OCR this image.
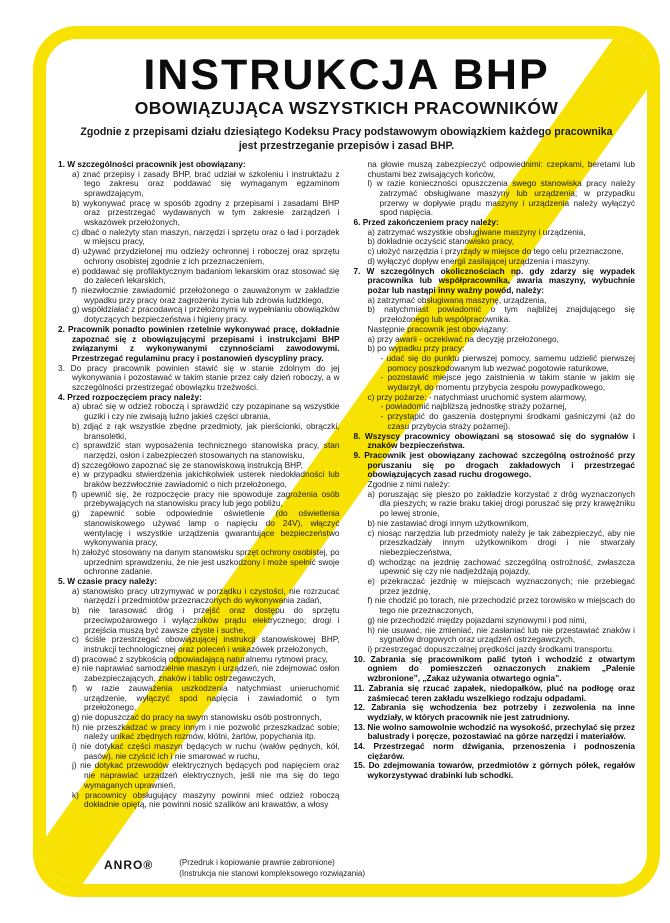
INSTRUKCJA BHP
OBOWIĄZUJĄCA WSZYSTKICH PRACOWNIKÓW

Zgodnie z przepisami działu dziesiątego Kodeksu Pracy podstawowym obowiązkiem każdego pracownika jest przestrzeganie przepisów i zasad BHP.

1. W szczególności pracownik jest obowiązany:

a) znać przepisy i zasady BHP, brać udział w szkoleniu i instruktażu z tego zakresu oraz poddawać się wymaganym egzaminom sprawdzającym,

b) wykonywać pracę w sposób zgodny z przepisami i zasadami BHP oraz przestrzegać wydawanych w tym zakresie zarządzeń i wskazówek przełożonych,

c) dbać o należyty stan maszyn, narzędzi i sprzętu oraz o ład i porządek w miejscu pracy,

d) używać przydzielonej mu odzieży ochronnej i roboczej oraz sprzętu ochrony osobistej zgodnie z ich przeznaczeniem,

e) poddawać się profilaktycznym badaniom lekarskim oraz stosować się do zaleceń lekarskich,

f) niezwłocznie zawiadomić przełożonego o zauważonym w zakładzie wypadku przy pracy oraz zagrożeniu życia lub zdrowia ludzkiego,

g) współdziałać z pracodawcą i przełożonymi w wypełnianiu obowiązków dotyczących bezpieczeństwa i higieny pracy.

2. Pracownik ponadto powinien rzetelnie wykonywać pracę, dokładnie zapoznać się z obowiązującymi przepisami i instrukcjami BHP związanymi z wykonywanymi czynnościami zawodowymi. Przestrzegać regulaminu pracy i postanowień dyscypliny pracy.

3. Do pracy pracownik powinien stawić się w stanie zdolnym do jej wykonywania i pozostawać w takim stanie przez cały dzień roboczy, a w szczególności przestrzegać obowiązku trzeźwości.

4. Przed rozpoczęciem pracy należy:

a) ubrać się w odzież roboczą i sprawdzić czy pozapinane są wszystkie guziki i czy nie zwisają luźno jakieś części ubrania,

b) zdjąć z rąk wszystkie zbędne przedmioty, jak pierścionki, obrączki, bransoletki,

c) sprawdzić stan wyposażenia technicznego stanowiska pracy, stan narzędzi, osłon i zabezpieczeń stosowanych na stanowisku,

d) szczegółowo zapoznać się ze stanowiskową instrukcją BHP,

e) w przypadku stwierdzenia jakichkolwiek usterek niedokładności lub braków bezzwłocznie zawiadomić o nich przełożonego,

f) upewnić się, że rozpoczęcie pracy nie spowoduje zagrożenia osób przebywających na stanowisku pracy lub jego pobliżu,

g) zapewnić sobie odpowiednie oświetlenie (do oświetlenia stanowiskowego używać lamp o napięciu do 24V), włączyć wentylację i wszystkie urządzenia gwarantujące bezpieczeństwo wykonywania pracy,

h) założyć stosowany na danym stanowisku sprzęt ochrony osobistej, po uprzednim sprawdzeniu, że nie jest uszkodzony i może spełnić swoje ochronne zadanie.

5. W czasie pracy należy:

a) stanowisko pracy utrzymywać w porządku i czystości, nie rozrzucać narzędzi i przedmiotów przeznaczonych do wykonywania zadań,

b) nie tarasować dróg i przejść oraz dostępu do sprzętu przeciwpożarowego i wyłączników prądu elektrycznego; drogi i przejścia muszą być zawsze czyste i suche,

c) ściśle przestrzegać obowiązującej instrukcji stanowiskowej BHP, instrukcji technologicznej oraz poleceń i wskazówek przełożonych,

d) pracować z szybkością odpowiadającą naturalnemu rytmowi pracy,

e) nie naprawiać samodzielnie maszyn i urządzeń, nie zdejmować osłon zabezpieczających, znaków i tablic ostrzegawczych,

f) w razie zauważenia uszkodzenia natychmiast unieruchomić urządzenie, wyłączyć spod napięcia i zawiadomić o tym przełożonego,

g) nie dopuszczać do pracy na swym stanowisku osób postronnych,

h) nie przeszkadzać w pracy innym i nie pozwolić przeszkadzać sobie; należy unikać zbędnych rozmów, kłótni, żartów, popychania itp.

i) nie dotykać części maszyn będących w ruchu (wałów pędnych, kół, pasów), nie czyścić ich i nie smarować w ruchu,

j) nie dotykać przewodów elektrycznych będących pod napięciem oraz nie naprawiać urządzeń elektrycznych, jeśli nie ma się do tego wymaganych uprawnień,

k) pracownicy obsługujący maszyny powinni mieć odzież roboczą dokładnie opiętą, nie powinni nosić szalików ani krawatów, a włosy

na głowie muszą zabezpieczyć odpowiednimi: czepkami, beretami lub chustami bez zwisających końców,

l) w razie konieczności opuszczenia swego stanowiska pracy należy zatrzymać obsługiwane maszyny lub urządzenia; w przypadku przerwy w dopływie prądu maszyny i urządzenia należy wyłączyć spod napięcia.

6. Przed zakończeniem pracy należy:

a) zatrzymać wszystkie obsługiwane maszyny i urządzenia,

b) dokładnie oczyścić stanowisko pracy,

c) ułożyć narzędzia i przyrządy w miejsce do tego celu przeznaczone,

d) wyłączyć dopływ energii zasilającej urządzenia i maszyny.

7. W szczególnych okolicznościach np. gdy zdarzy się wypadek pracownika lub współpracownika, awaria maszyny, wybuchnie pożar lub nastąpi inny ważny powód, należy:

a) zatrzymać obsługiwaną maszynę, urządzenia,

b) natychmiast powiadomić o tym najbliżej znajdującego się przełożonego lub współpracownika.

Następnie pracownik jest obowiązany:

a) przy awarii - oczekiwać na decyzję przełożonego,

b) po wypadku przy pracy:

- udać się do punktu pierwszej pomocy, samemu udzielić pierwszej pomocy poszkodowanym lub wezwać pogotowie ratunkowe,

- pozostawić miejsce jego zaistnienia w takim stanie w jakim się wydarzył, do momentu przybycia zespołu powypadkowego,

c) przy pożarze: - natychmiast uruchomić system alarmowy,

- powiadomić najbliższą jednostkę straży pożarnej,

- przystąpić do gaszenia dostępnymi środkami gaśniczymi (aż do czasu przybycia straży pożarnej).

8. Wszyscy pracownicy obowiązani są stosować się do sygnałów i znaków bezpieczeństwa.

9. Pracownik jest obowiązany zachować szczególną ostrożność przy poruszaniu się po drogach zakładowych i przestrzegać obowiązujących zasad ruchu drogowego.

Zgodnie z nimi należy:

a) poruszając się pieszo po zakładzie korzystać z dróg wyznaczonych dla pieszych; w razie braku takiej drogi poruszać się przy krawężniku po lewej stronie,

b) nie zastawiać drogi innym użytkownikom,

c) niosąc narzędzia lub przedmioty należy je tak zabezpieczyć, aby nie przeszkadzały innym użytkownikom drogi i nie stwarzały niebezpieczeństwa,

d) wchodząc na jezdnię zachować szczególną ostrożność, zwłaszcza upewnić się czy nie nadjeżdżają pojazdy,

e) przekraczać jezdnię w miejscach wyznaczonych; nie przebiegać przez jezdnię,

f) nie chodzić po torach, nie przechodzić przez torowisko w miejscach do tego nie przeznaczonych,

g) nie przechodzić między pojazdami szynowymi i pod nimi,

h) nie usuwać, nie zmieniać, nie zasłaniać lub nie przestawiać znaków i sygnałów drogowych oraz urządzeń ostrzegawczych,

i) przestrzegać dopuszczalnej prędkości jazdy środkami transportu.

10. Zabrania się pracownikom palić tytoń i wchodzić z otwartym ogniem do pomieszczeń oznaczonych znakiem „Palenie wzbronione”, „Zakaz używania otwartego ognia”.

11. Zabrania się rzucać zapałek, niedopałków, pluć na podłogę oraz zaśmiecać teren zakładu wszelkiego rodzaju odpadami.

12. Zabrania się wchodzenia bez potrzeby i zezwolenia na inne wydziały, w których pracownik nie jest zatrudniony.

13. Nie wolno samowolnie wchodzić na wysokość, przechylać się przez balustrady i poręcze, pozostawiać na górze narzędzi i materiałów.

14. Przestrzegać norm dźwigania, przenoszenia i podnoszenia ciężarów.

15. Do zdejmowania towarów, przedmiotów z górnych półek, regałów wykorzystywać drabinki lub schodki.

ANRO®	(Przedruk i kopiowanie prawnie zabronione)
(Instrukcja nie stanowi kompleksowego rozwiązania)
